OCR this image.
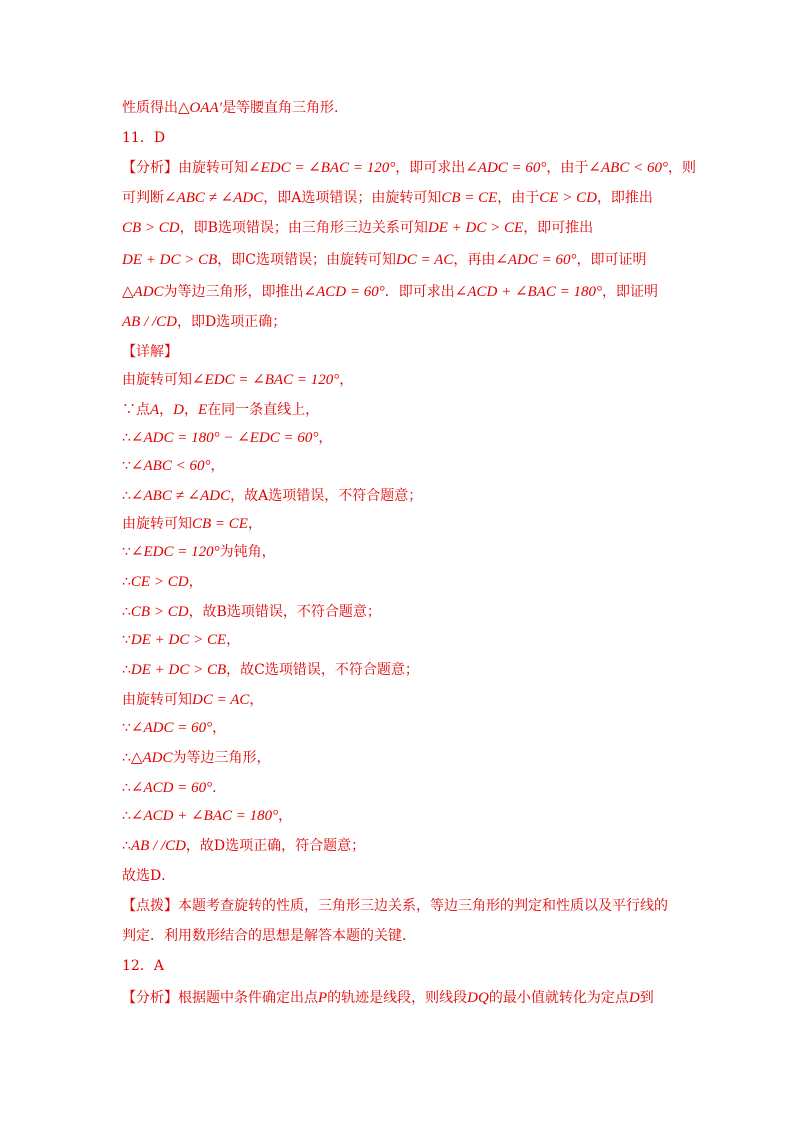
性质得出△OAA′是等腰直角三角形.
11．D
【分析】由旋转可知∠EDC = ∠BAC = 120°，即可求出∠ADC = 60°，由于∠ABC < 60°，则
可判断∠ABC ≠ ∠ADC，即A选项错误；由旋转可知CB = CE，由于CE > CD，即推出
CB > CD，即B选项错误；由三角形三边关系可知DE + DC > CE，即可推出
DE + DC > CB，即C选项错误；由旋转可知DC = AC，再由∠ADC = 60°，即可证明
△ADC为等边三角形，即推出∠ACD = 60°．即可求出∠ACD + ∠BAC = 180°，即证明
AB / /CD，即D选项正确；
【详解】
由旋转可知∠EDC = ∠BAC = 120°，
∵点A，D，E在同一条直线上，
∴∠ADC = 180° − ∠EDC = 60°，
∵∠ABC < 60°，
∴∠ABC ≠ ∠ADC，故A选项错误，不符合题意；
由旋转可知CB = CE，
∵∠EDC = 120°为钝角，
∴CE > CD，
∴CB > CD，故B选项错误，不符合题意；
∵DE + DC > CE，
∴DE + DC > CB，故C选项错误，不符合题意；
由旋转可知DC = AC，
∵∠ADC = 60°，
∴△ADC为等边三角形，
∴∠ACD = 60°．
∴∠ACD + ∠BAC = 180°，
∴AB / /CD，故D选项正确，符合题意；
故选D．
【点拨】本题考查旋转的性质，三角形三边关系，等边三角形的判定和性质以及平行线的
判定．利用数形结合的思想是解答本题的关键．
12．A
【分析】根据题中条件确定出点P的轨迹是线段，则线段DQ的最小值就转化为定点D到
